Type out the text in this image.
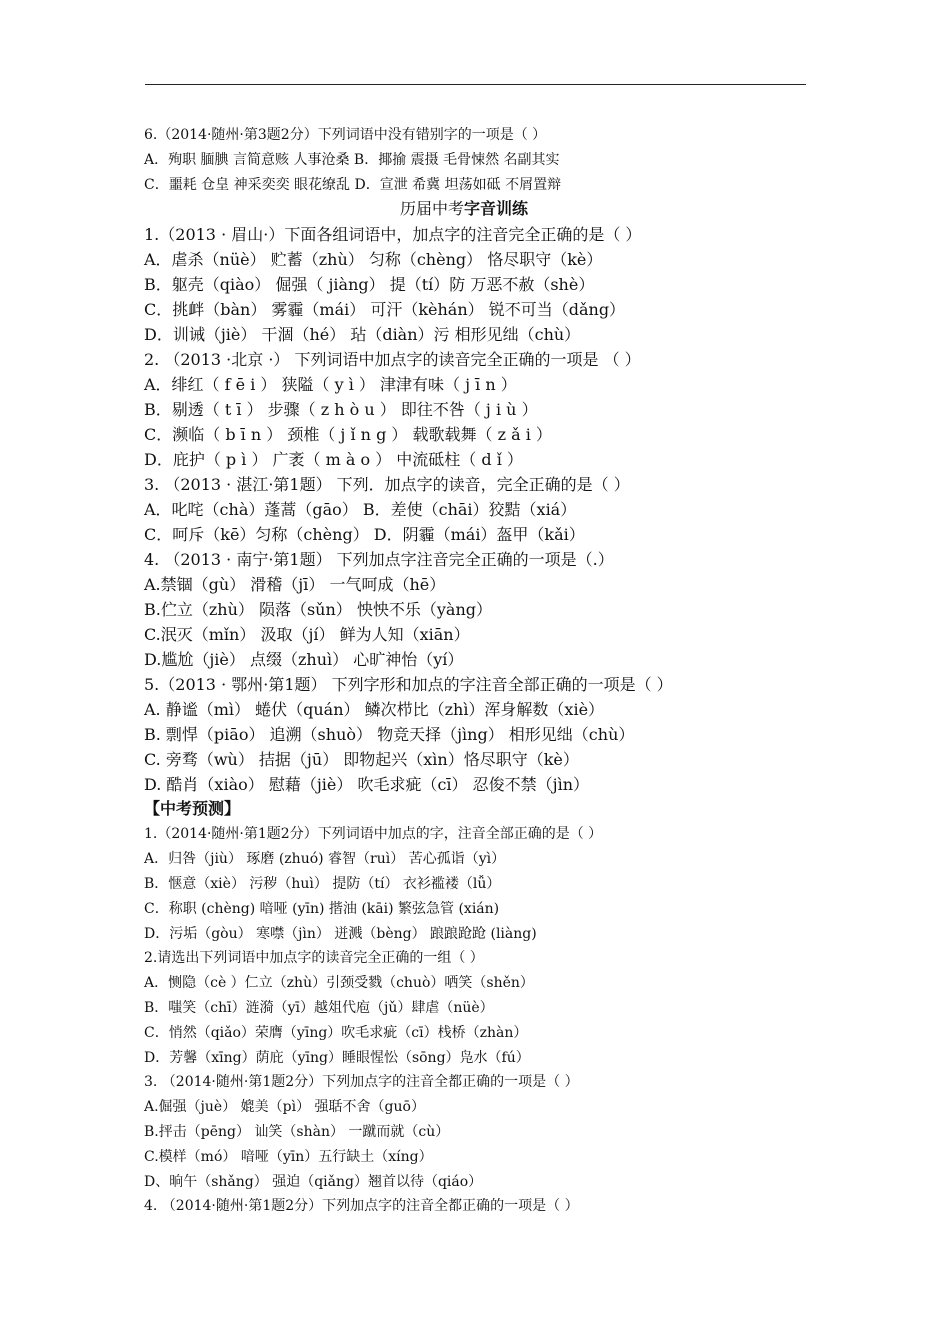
6.（2014·随州·第3题2分）下列词语中没有错别字的一项是（ ）
A．殉职 腼腆 言简意赅 人事沧桑 B．揶揄 震摄 毛骨悚然 名副其实
C．噩耗 仓皇 神采奕奕 眼花缭乱 D．宣泄 希冀 坦荡如砥 不屑置辩
历届中考字音训练
1.（2013 · 眉山·）下面各组词语中，加点字的注音完全正确的是（ ）
A．虐杀（nüè） 贮蓄（zhù） 匀称（chèng） 恪尽职守（kè）
B．躯壳（qiào） 倔强（ jiàng） 提（tí）防 万恶不赦（shè）
C．挑衅（bàn） 雾霾（mái） 可汗（kèhán） 锐不可当（dǎng）
D．训诫（jiè） 干涸（hé） 玷（diàn）污 相形见绌（chù）
2. （2013 ·北京 ·） 下列词语中加点字的读音完全正确的一项是 （ ）
A．绯红（ f ē i ） 狭隘（ y ì ） 津津有味（ j ī n ）
B．剔透（ t ī ） 步骤（ z h ò u ） 即往不咎（ j i ù ）
C．濒临（ b ī n ） 颈椎（ j ǐ n g ） 载歌载舞（ z ǎ i ）
D．庇护（ p ì ） 广袤（ m à o ） 中流砥柱（ d ǐ ）
3. （2013 · 湛江·第1题） 下列．加点字的读音，完全正确的是（ ）
A．叱咤（chà）蓬蒿（gāo） B．差使（chāi）狡黠（xiá）
C．呵斥（kē）匀称（chèng） D．阴霾（mái）盔甲（kǎi）
4. （2013 · 南宁·第1题） 下列加点字注音完全正确的一项是（.）
A.禁锢（gù） 滑稽（jī） 一气呵成（hē）
B.伫立（zhù） 陨落（sǔn） 怏怏不乐（yàng）
C.泯灭（mǐn） 汲取（jí） 鲜为人知（xiān）
D.尴尬（jiè） 点缀（zhuì） 心旷神怡（yí）
5.（2013 · 鄂州·第1题） 下列字形和加点的字注音全部正确的一项是（ ）
A. 静谧（mì） 蜷伏（quán） 鳞次栉比（zhì）浑身解数（xiè）
B. 剽悍（piāo） 追溯（shuò） 物竞天择（jìng） 相形见绌（chù）
C. 旁骛（wù） 拮据（jū） 即物起兴（xìn）恪尽职守（kè）
D. 酷肖（xiào） 慰藉（jiè） 吹毛求疵（cī） 忍俊不禁（jìn）
【中考预测】
1.（2014·随州·第1题2分）下列词语中加点的字，注音全部正确的是（ ）
A．归咎（jiù） 琢磨 (zhuó) 睿智（ruì） 苦心孤诣（yì）
B．惬意（xiè） 污秽（huì） 提防（tí） 衣衫褴褛（lǚ）
C．称职 (chèng) 喑哑 (yīn) 揩油 (kāi) 繁弦急管 (xián)
D．污垢（gòu） 寒噤（jìn） 迸溅（bèng） 踉踉跄跄 (liàng)
2.请选出下列词语中加点字的读音完全正确的一组（ ）
A．恻隐（cè ）仁立（zhù）引颈受戮（chuò）哂笑（shěn）
B．嗤笑（chī）涟漪（yī）越俎代庖（jǔ）肆虐（nüè）
C．悄然（qiǎo）荣膺（yīng）吹毛求疵（cī）栈桥（zhàn）
D．芳馨（xīng）荫庇（yīng）睡眼惺忪（sōng）凫水（fú）
3. （2014·随州·第1题2分）下列加点字的注音全都正确的一项是（ ）
A.倔强（juè） 媲美（pì） 强聒不舍（guō）
B.抨击（pēng） 讪笑（shàn） 一蹴而就（cù）
C.模样（mó） 喑哑（yīn）五行缺土（xíng）
D、晌午（shǎng） 强迫（qiǎng）翘首以待（qiáo）
4. （2014·随州·第1题2分）下列加点字的注音全都正确的一项是（ ）
